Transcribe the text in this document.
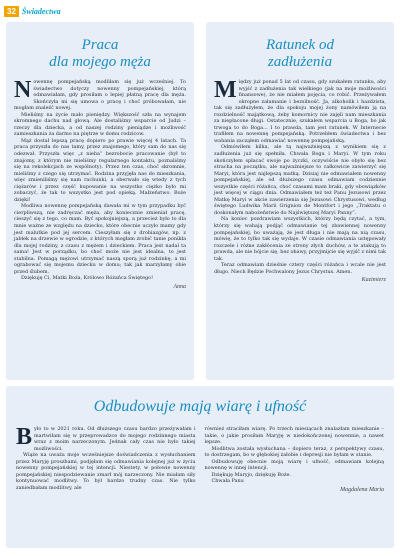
32 Świadectwa
Praca
dla mojego męża

Nowennę pompejańską modliłam się już wcześniej. To świadectwo dotyczy nowenny pompejańskiej, którą odmawiałam, gdy prosiłam o lepiej płatną pracę dla męża. Skończyła mi się umowa o pracę i choć próbowałam, nie mogłam znaleźć nowej.

Mieliśmy na życie mało pieniędzy. Większość szła na wynajem skromnego dachu nad głową. Ale dostaliśmy wsparcie od Judzi – rzeczy dla dziecka, a od naszej rodziny pieniądze i możliwość zamieszkania za darmo na piętrze w domu rodzicow.

Mąż dostał lepszą pracę dopiero po prawie więcej 4 latach. Ta praca przyszła do nas tamy, przez znajomego, który sam do nas się odezwał. Przyszła więc „z nieba” bezrobocie pracowanie (był to znajomy, z którym nie mieliśmy regularnego kontaktu, poznaliśmy się na rekolekcjach ze wspólnoty). Przez ten czas, choć skromnie, mieliśmy z czego się utrzymać. Rodzina przyjęła nas do mieszkania, więc zmieniliśmy się nam rachunki, a oberwało się wtedy z tych ciężarów i przez część kupowanie na wszystko ciężko było mi zobaczyć, że tak to wszystko jest pod opieką. Małżeństwo. Boże dzięki!

Modliwa nowennę pompejańską dawała mi w tym przypadku być cierpliwszą, nie zadręczać męża, aby koniecznie zmieniał pracę, cieszyć się z tego, co mam. Być spokojniejszą, a przecież było to dla mnie ważne ze względu na dziecko, które obecnie uczyło mamy gdy jest malutkie pod jej sercem. Cieszyłam się z drobiazgów, np. z jabłek na drzewie w ogrodzie, z których mogłam zrobić tanie ponikła dla mojej rodziny, z czasu z mężem i dzieckiem. Praca jest nadal ta sama! Jest w porządku, bo choć może nie jest idealna, to jest stabilna. Pomagą mężowi utrzymać naszą sporą już rodzinkę, a mi ograbować się mojemu dziecku w domu; tak jak marzyłamy obie przed ślubem.

Dziękuję Ci, Matki Boża, Królowo Różańca Świętego!

Anna
Ratunek od
zadłużenia

Między już ponad 5 lat od czasu, gdy szukałem ratunku, aby wyjść z zadłużenia tak wielkiego (jak na moje możliwości finansowe), że nie miałem pojęcia, co robić. Przeżywałem okropne załamanie i bezsilność. Ja, alkoholik i hazdzista, tak się zadłużyłem, że dla spokoju mojej żony namówiłem ją na rozdzielność majątkową, żeby komornicy nie zajęli nam mieszkania za niepłacone długi. Ostatecznie, szukałem wsparcia u Boga, bo jak trwoga to do Boga... I to prawda, tam jest ratunek. W Internecie trafiłem na nowennę pompejańską. Potrzebłem świadectwa i bez wahania zacząłem odmawiać nowennę pompejańską.

Odmówiłem kilka, ale tą najważniejszą z wynikiem się z zadłużenia już się spełniła. Chwała Bogu i Maryi. W tym roku skończyłem spłacać swoje po życzki, oczywiście nie obyło się bez stracha na początku, ale najważniejsze to całkowicie zawierzyć się Maryi, która jest najlepszą matką. Dzisiaj nie odmawiałem nowenny pompejańskiej, ale od dłuższego czasu odmawiam codziennie wszystkie części różańca, choć czasami mam braki, gdy obowiązków jest więcej w ciągu dnia. Odmawiałem też też Panu Jezusowi przez Matkę Maryi w akcie zawierzenia się Jezusowi Chrystusowi, według świętego Ludwika Marii Grignion de Montfort i jego „Traktatu o doskonałym nabożeństwie do Najświętszej Maryi Panny”.

Na koniec pozdrawiam wszystkich, którzy będą czytać, a tym, którzy się wahają podjąć odmawianie tej zbawiennej nowenny pompejańskiej, bo uważają, że jest długa i nie mają na nią czasu, mówię, że to tylko tak się wydaje. W czasie odmawiania ustępowały rozczele i różne zakłócenia ze strony złych duchów, a te atakują to prawda, ale nie bójcie się, bez obawy, przyjmijcie się wyjść z nimi tak tak.

Teraz odmawiam dzieśnie cztery części różańca i wcale nie jest długo. Niech Będzie Pochwalony Jezus Chrystus. Amen.

Kazimierz
Odbudowuje mają wiarę i ufność

Było to w 2021 roku. Od dłuższego czasu bardzo przeżywałam i martwiłam się w przeprowadzce do mojego rodzinnego miasta wraz z moim narzeczonym. Jednak cały czas nie było takiej możliwości.

Wiąże na uważa moje wcześniejsze doświadczenia z wysłuchaniem przez Maryję proszbami, podjęłam się odmawiania kolejnej już w życiu nowenny pompejańskiej w tej intencji. Niestety, w połowie nowenny pompejańskiej niespodziewanie zmarł mój narzeczony. Nie miałam siły kontynuować modlitwy. To był bardzo trudny czas. Nie tylko zaniedbałam modlitwy, ale

również straciłam wiarę. Po trzech miesiącach znalazłam mieszkanie – takie, o jakie prosiłam Maryję w niedokończonej nowennie, a nawet lepsze.

Modlitwa została wysłuchana – dopiero teraz, z perspektywy czasu, to dostrzegam, bo w głębokiej żałobie i depresji nie byłam w stanie.

Odbudowuję obecnie moją wiarę i ufność, odmawiam kolejną nowennę w innej intencji.

Dziękuję Maryjo, dziękuję Boże.

Chwała Panu

Magdalena Maria
